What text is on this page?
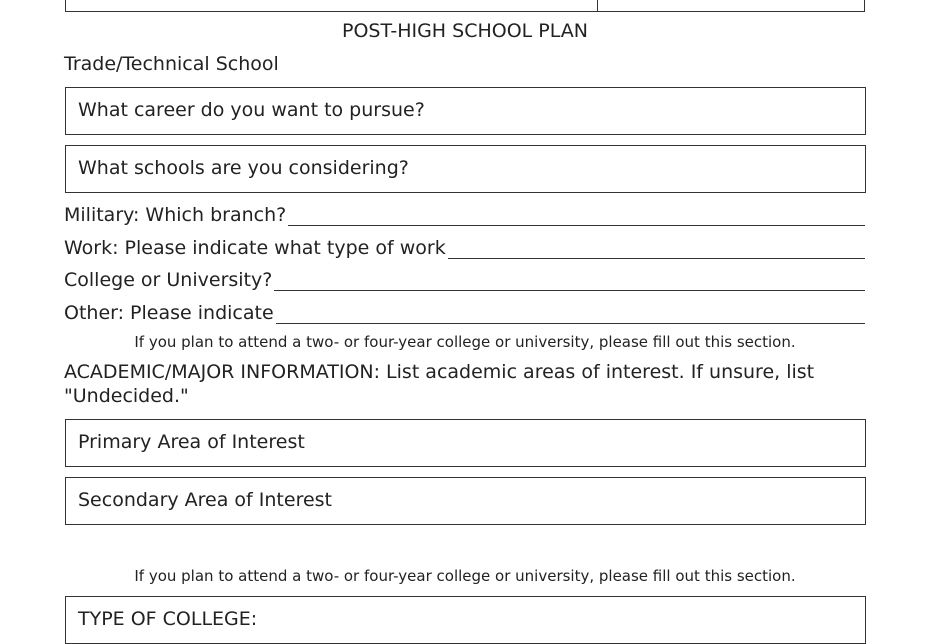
POST-HIGH SCHOOL PLAN
Trade/Technical School
What career do you want to pursue?
What schools are you considering?
Military: Which branch?
Work: Please indicate what type of work
College or University?
Other: Please indicate
If you plan to attend a two- or four-year college or university, please fill out this section.
ACADEMIC/MAJOR INFORMATION: List academic areas of interest. If unsure, list
"Undecided."
Primary Area of Interest
Secondary Area of Interest
If you plan to attend a two- or four-year college or university, please fill out this section.
TYPE OF COLLEGE:
